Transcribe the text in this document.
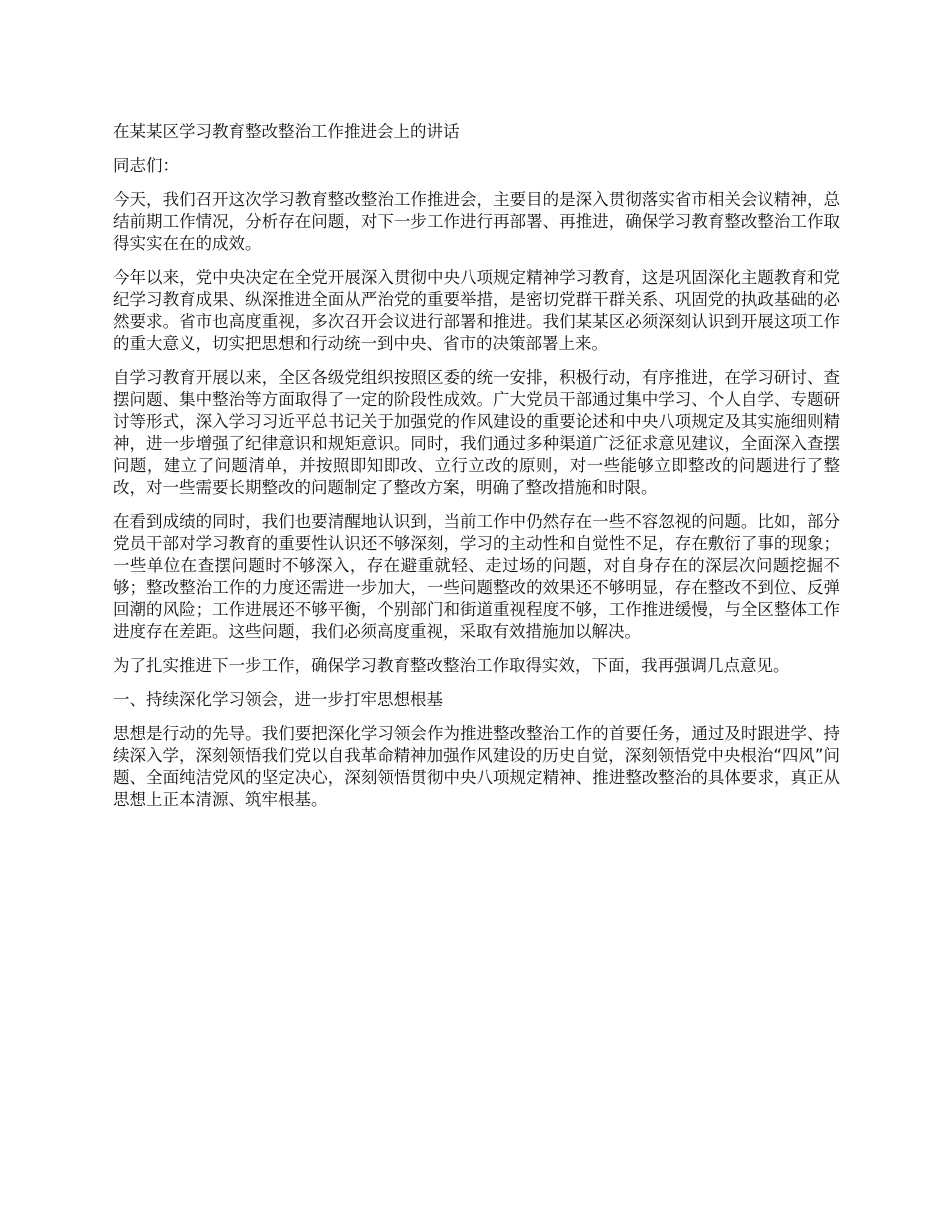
在某某区学习教育整改整治工作推进会上的讲话

同志们：

今天，我们召开这次学习教育整改整治工作推进会，主要目的是深入贯彻落实省市相关会议精神，总结前期工作情况，分析存在问题，对下一步工作进行再部署、再推进，确保学习教育整改整治工作取得实实在在的成效。

今年以来，党中央决定在全党开展深入贯彻中央八项规定精神学习教育，这是巩固深化主题教育和党纪学习教育成果、纵深推进全面从严治党的重要举措，是密切党群干群关系、巩固党的执政基础的必然要求。省市也高度重视，多次召开会议进行部署和推进。我们某某区必须深刻认识到开展这项工作的重大意义，切实把思想和行动统一到中央、省市的决策部署上来。

自学习教育开展以来，全区各级党组织按照区委的统一安排，积极行动，有序推进，在学习研讨、查摆问题、集中整治等方面取得了一定的阶段性成效。广大党员干部通过集中学习、个人自学、专题研讨等形式，深入学习习近平总书记关于加强党的作风建设的重要论述和中央八项规定及其实施细则精神，进一步增强了纪律意识和规矩意识。同时，我们通过多种渠道广泛征求意见建议，全面深入查摆问题，建立了问题清单，并按照即知即改、立行立改的原则，对一些能够立即整改的问题进行了整改，对一些需要长期整改的问题制定了整改方案，明确了整改措施和时限。

在看到成绩的同时，我们也要清醒地认识到，当前工作中仍然存在一些不容忽视的问题。比如，部分党员干部对学习教育的重要性认识还不够深刻，学习的主动性和自觉性不足，存在敷衍了事的现象；一些单位在查摆问题时不够深入，存在避重就轻、走过场的问题，对自身存在的深层次问题挖掘不够；整改整治工作的力度还需进一步加大，一些问题整改的效果还不够明显，存在整改不到位、反弹回潮的风险；工作进展还不够平衡，个别部门和街道重视程度不够，工作推进缓慢，与全区整体工作进度存在差距。这些问题，我们必须高度重视，采取有效措施加以解决。

为了扎实推进下一步工作，确保学习教育整改整治工作取得实效，下面，我再强调几点意见。

一、持续深化学习领会，进一步打牢思想根基

思想是行动的先导。我们要把深化学习领会作为推进整改整治工作的首要任务，通过及时跟进学、持续深入学，深刻领悟我们党以自我革命精神加强作风建设的历史自觉，深刻领悟党中央根治“四风”问题、全面纯洁党风的坚定决心，深刻领悟贯彻中央八项规定精神、推进整改整治的具体要求，真正从思想上正本清源、筑牢根基。
